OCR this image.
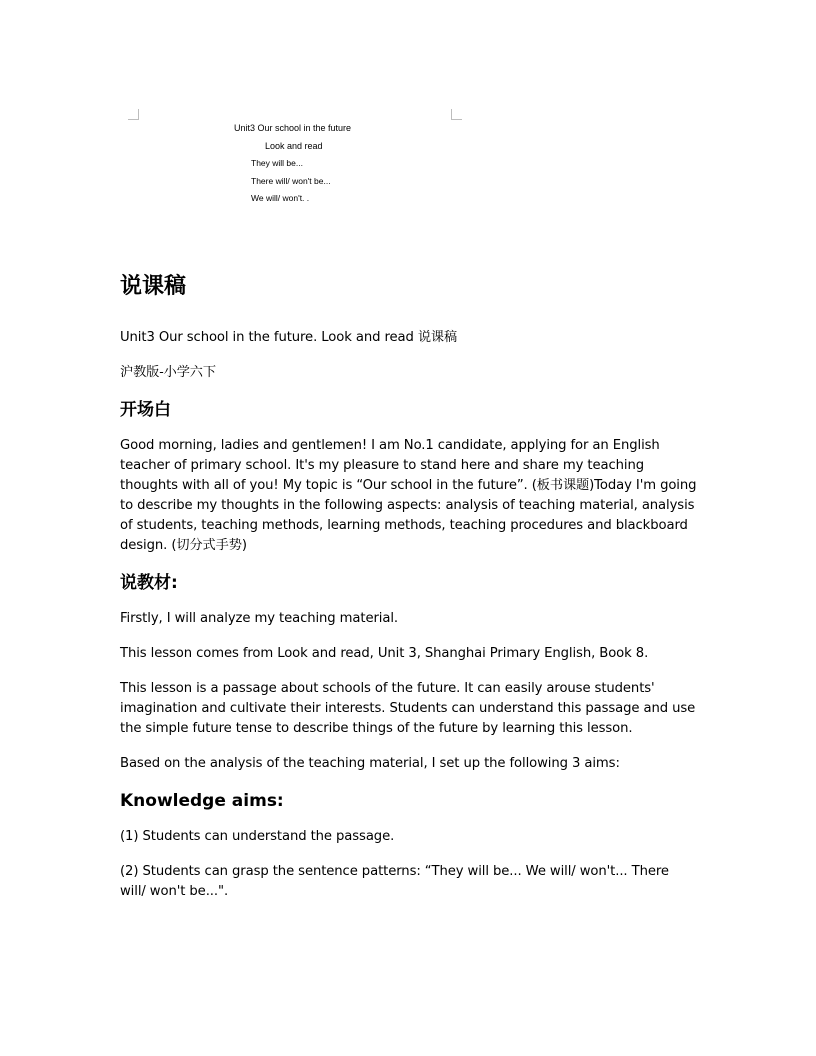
Unit3 Our school in the future
Look and read
They will be...
There will/ won't be...
We will/ won't. .
说课稿

Unit3 Our school in the future. Look and read 说课稿

沪教版-小学六下

开场白

Good morning, ladies and gentlemen! I am No.1 candidate, applying for an English teacher of primary school. It's my pleasure to stand here and share my teaching thoughts with all of you! My topic is “Our school in the future”. (板书课题)Today I'm going to describe my thoughts in the following aspects: analysis of teaching material, analysis of students, teaching methods, learning methods, teaching procedures and blackboard design. (切分式手势)

说教材:

Firstly, I will analyze my teaching material.

This lesson comes from Look and read, Unit 3, Shanghai Primary English, Book 8.

This lesson is a passage about schools of the future. It can easily arouse students' imagination and cultivate their interests. Students can understand this passage and use the simple future tense to describe things of the future by learning this lesson.

Based on the analysis of the teaching material, I set up the following 3 aims:

Knowledge aims:

(1) Students can understand the passage.

(2) Students can grasp the sentence patterns: “They will be... We will/ won't... There will/ won't be...".
